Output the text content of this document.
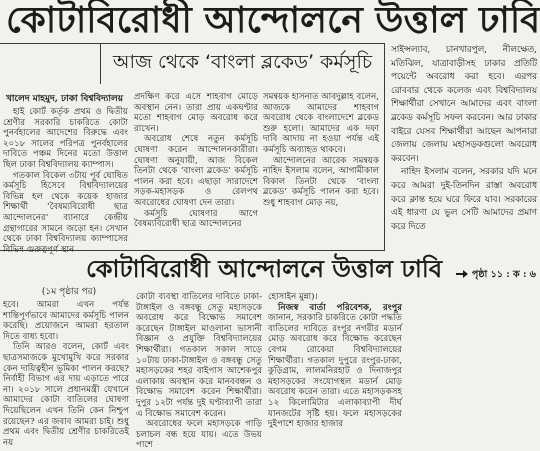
কোটাবিরোধী আন্দোলনে উত্তাল ঢাবি
আজ থেকে ‘বাংলা ব্লকেড’ কর্মসূচি
খালেদ মাহমুদ, ঢাকা বিশ্ববিদ্যালয়

হাই কোর্ট কর্তৃক প্রথম ও দ্বিতীয় শ্রেণীর সরকারি চাকরিতে কোটা পুনর্বহালের আদেশের বিরুদ্ধে এবং ২০১৮ সালের পরিপত্র পুনর্বহালের দাবিতে পঞ্চম দিনের মতো উত্তাল ছিল ঢাকা বিশ্ববিদ্যালয় ক্যাম্পাস।

গতকাল বিকেল ৩টায় পূর্ব ঘোষিত কর্মসূচি হিসেবে বিশ্ববিদ্যালয়ের বিভিন্ন হল থেকে কয়েক হাজার শিক্ষার্থী ‘বৈষম্যবিরোধী ছাত্র আন্দোলনের’ ব্যানারে কেন্দ্রীয় গ্রন্থাগারের সামনে জড়ো হন। সেখান থেকে ঢাকা বিশ্ববিদ্যালয় ক্যাম্পাসের

প্রদক্ষিণ করে এসে শাহবাগ মোড়ে অবস্থান নেন। তারা প্রায় একঘণ্টার মতো শাহবাগ মোড় অবরোধ করে রাখেন।

অবরোধ শেষে নতুন কর্মসূচি ঘোষণা করেন আন্দোলনকারীরা। ঘোষণা অনুযায়ী, আজ বিকেল তিনটা থেকে ‘বাংলা ব্লকেড’ কর্মসূচি পালন করা হবে। এছাড়া সারাদেশে সড়ক-মহাসড়ক ও রেলপথ অবরোধের ঘোষণা দেন তারা।

কর্মসূচি ঘোষণার আগে বৈষম্যবিরোধী ছাত্র আন্দোলনের

সমন্বয়ক হাসনাত আবদুল্লাহ বলেন, আজকে আমাদের শাহবাগ অবরোধ থেকে বাংলাদেশে ব্লকেড শুরু হলো। আমাদের এক দফা দাবি আদায় না হওয়া পর্যন্ত এই কর্মসূচি অব্যাহত থাকবে।

আন্দোলনের আরেক সমন্বয়ক নাহিদ ইসলাম বলেন, আগামীকাল বিকাল তিনটা থেকে ‘বাংলা ব্লকেড’ কর্মসূচি পালন করা হবে। শুধু শাহবাগ মোড় নয়,

সাইন্সল্যাব, চানখারপুল, নীলক্ষেত, মতিঝিল, যাত্রাবাড়ীসহ ঢাকার প্রতিটি পয়েন্টে অবরোধ করা হবে। এরপর রোববার থেকে কলেজ এবং বিশ্ববিদ্যালয় শিক্ষার্থীরা সেখানে আমাদের এবং বাংলা ব্লকেড কর্মসূচি সফল করবেন। আর ঢাকার বাইরে যেসব শিক্ষার্থীরা আছেন আপনারা জেলায় জেলায় মহাসড়কগুলো অবরোধ করবেন।

নাহিদ ইসলাম বলেন, সরকার যদি মনে করে আমরা দুই-তিনদিন রাস্তা অবরোধ করে ক্লান্ত হয়ে ঘরে ফিরে যাব। সরকারের এই ধারণা যে ভুল সেটি আমাদের প্রমাণ করে দিতে

পৃষ্ঠা ১১ : ক : ৬
কোটাবিরোধী আন্দোলনে উত্তাল ঢাবি
(১ম পৃষ্ঠার পর)

হবে। আমরা এখন পর্যন্ত শান্তিপূর্ণভাবে আমাদের কর্মসূচি পালন করেছি। প্রয়োজনে আমরা হরতাল দিতে বাধ্য হবো।

তিনি আরও বলেন, কোর্ট এবং ছাত্রসমাজকে মুখোমুখি করে সরকার কেন দায়িত্বহীন ভূমিকা পালন করছে? নির্বাহী বিভাগ এর দায় এড়াতে পারে না। ২০১৮ সালে প্রধানমন্ত্রী যেখানে আমাদের কোটা বাতিলের ঘোষণা দিয়েছিলেন এখন তিনি কেন নিশ্চুপ রয়েছেন? এর জবাব আমরা চাই। শুধু প্রথম এবং দ্বিতীয় শ্রেণীর চাকরিতেই নয়

কোটা ব্যবস্থা বাতিলের দাবিতে ঢাকা-টাঙ্গাইল ও বঙ্গবন্ধু সেতু মহাসড়কে অবরোধ করে বিক্ষোভ সমাবেশ করেছেন টাঙ্গাইল মাওলানা ভাসানী বিজ্ঞান ও প্রযুক্তি বিশ্ববিদ্যালয়ের শিক্ষার্থীরা। গতকাল সকাল সাড়ে ১০টায় ঢাকা-টাঙ্গাইল ও বঙ্গবন্ধু সেতু মহাসড়কের শহর বাইপাস আশেকপুর এলাকায় অবস্থান করে মানববন্ধন ও বিক্ষোভ সমাবেশ করেন শিক্ষার্থীরা। দুপুর ১২টা পর্যন্ত দুই ঘণ্টাব্যাপী তারা এ বিক্ষোভ সমাবেশ করেন।

অবরোধের ফলে মহাসড়কে গাড়ি চলাচল বন্ধ হয়ে যায়। এতে উভয় পাশে

হোসাইন মুন্না)।

নিজস্ব বার্তা পরিবেশক, রংপুর জানান, সরকারি চাকরিতে কোটা পদ্ধতি বাতিলের দাবিতে রংপুর নগরীর মডার্ন মোড় অবরোধ করে বিক্ষোভ করেছেন বেগম রোকেয়া বিশ্ববিদ্যালয়ের শিক্ষার্থীরা। গতকাল দুপুরে রংপুর-ঢাকা, কুড়িগ্রাম, লালমনিরহাট ও দিনাজপুর মহাসড়কের সংযোগস্থল মডার্ন মোড় অবরোধ করেন তারা। এতে মহাসড়কসহ ১২ কিলোমিটার এলাকাব্যাপী দীর্ঘ যানজটের সৃষ্টি হয়। ফলে মহাসড়কের দুইপাশে হাজার হাজার
